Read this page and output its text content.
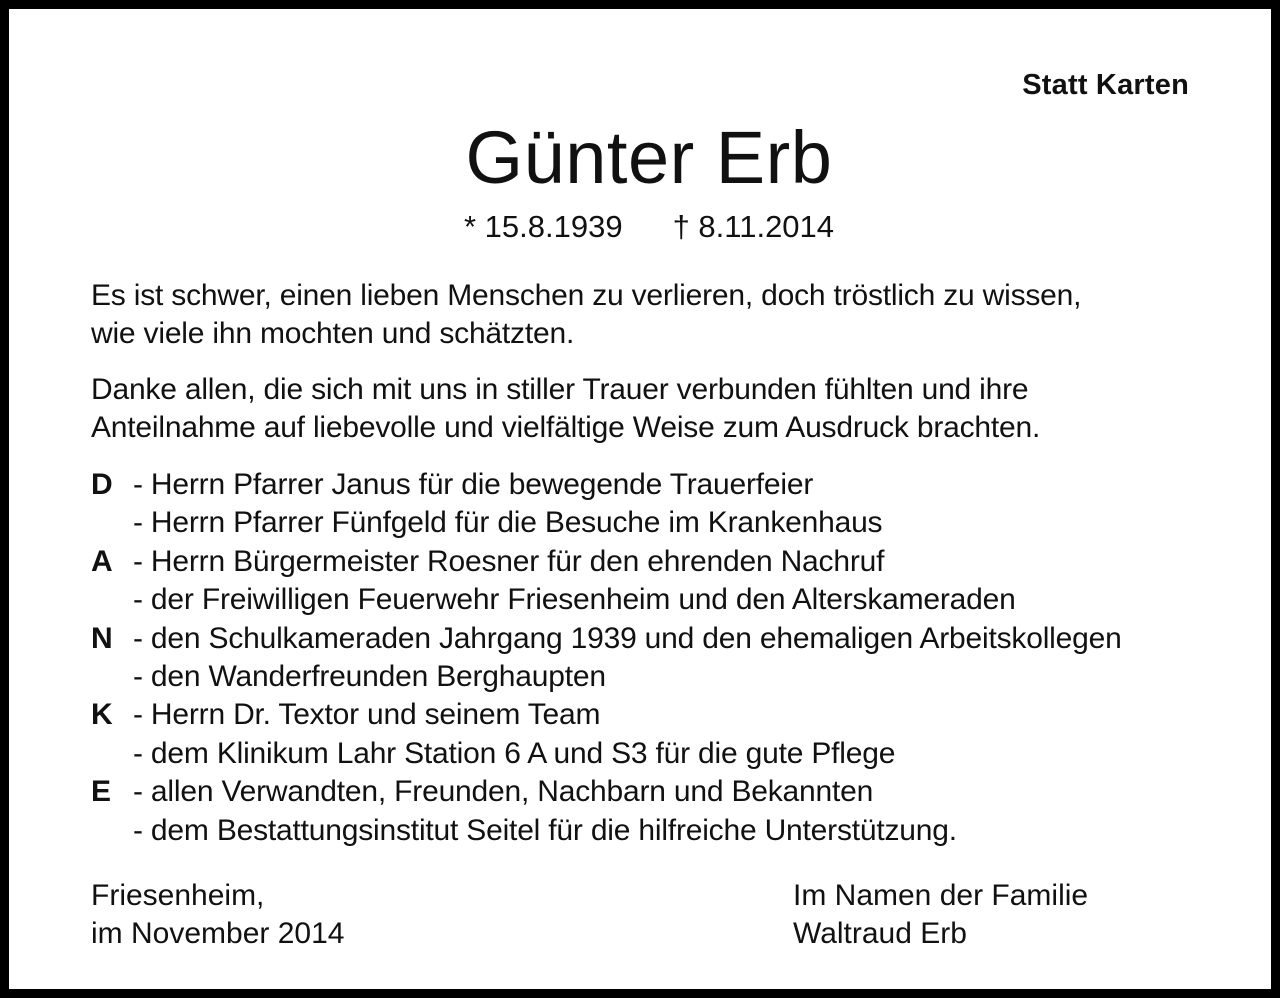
Statt Karten
Günter Erb
* 15.8.1939 † 8.11.2014
Es ist schwer, einen lieben Menschen zu verlieren, doch tröstlich zu wissen,
wie viele ihn mochten und schätzten.
Danke allen, die sich mit uns in stiller Trauer verbunden fühlten und ihre
Anteilnahme auf liebevolle und vielfältige Weise zum Ausdruck brachten.
D - Herrn Pfarrer Janus für die bewegende Trauerfeier
- Herrn Pfarrer Fünfgeld für die Besuche im Krankenhaus
A - Herrn Bürgermeister Roesner für den ehrenden Nachruf
- der Freiwilligen Feuerwehr Friesenheim und den Alterskameraden
N - den Schulkameraden Jahrgang 1939 und den ehemaligen Arbeitskollegen
- den Wanderfreunden Berghaupten
K - Herrn Dr. Textor und seinem Team
- dem Klinikum Lahr Station 6 A und S3 für die gute Pflege
E - allen Verwandten, Freunden, Nachbarn und Bekannten
- dem Bestattungsinstitut Seitel für die hilfreiche Unterstützung.
Friesenheim,
im November 2014
Im Namen der Familie
Waltraud Erb
